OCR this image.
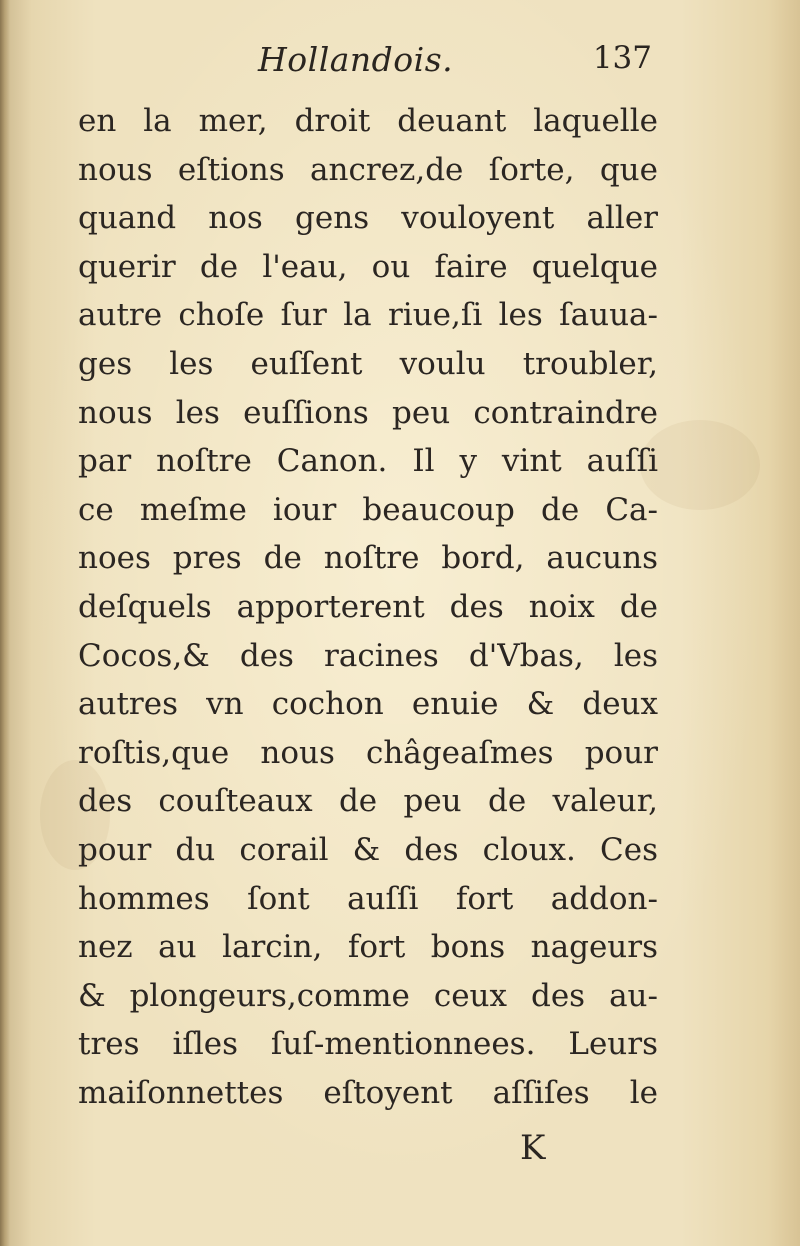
Hollandois.	137
en la mer, droit deuant laquelle
nous eſtions ancrez,de ſorte, que
quand nos gens vouloyent aller
querir de l'eau, ou faire quelque
autre choſe ſur la riue,ſi les ſauua-
ges les euſſent voulu troubler,
nous les euſſions peu contraindre
par noſtre Canon. Il y vint auſſi
ce meſme iour beaucoup de Ca-
noes pres de noſtre bord, aucuns
deſquels apporterent des noix de
Cocos,& des racines d'Vbas, les
autres vn cochon enuie & deux
roſtis,que nous châgeaſmes pour
des couſteaux de peu de valeur,
pour du corail & des cloux. Ces
hommes ſont auſſi fort addon-
nez au larcin, fort bons nageurs
& plongeurs,comme ceux des au-
tres iſles ſuſ-mentionnees. Leurs
maiſonnettes eſtoyent aſſiſes le
K
